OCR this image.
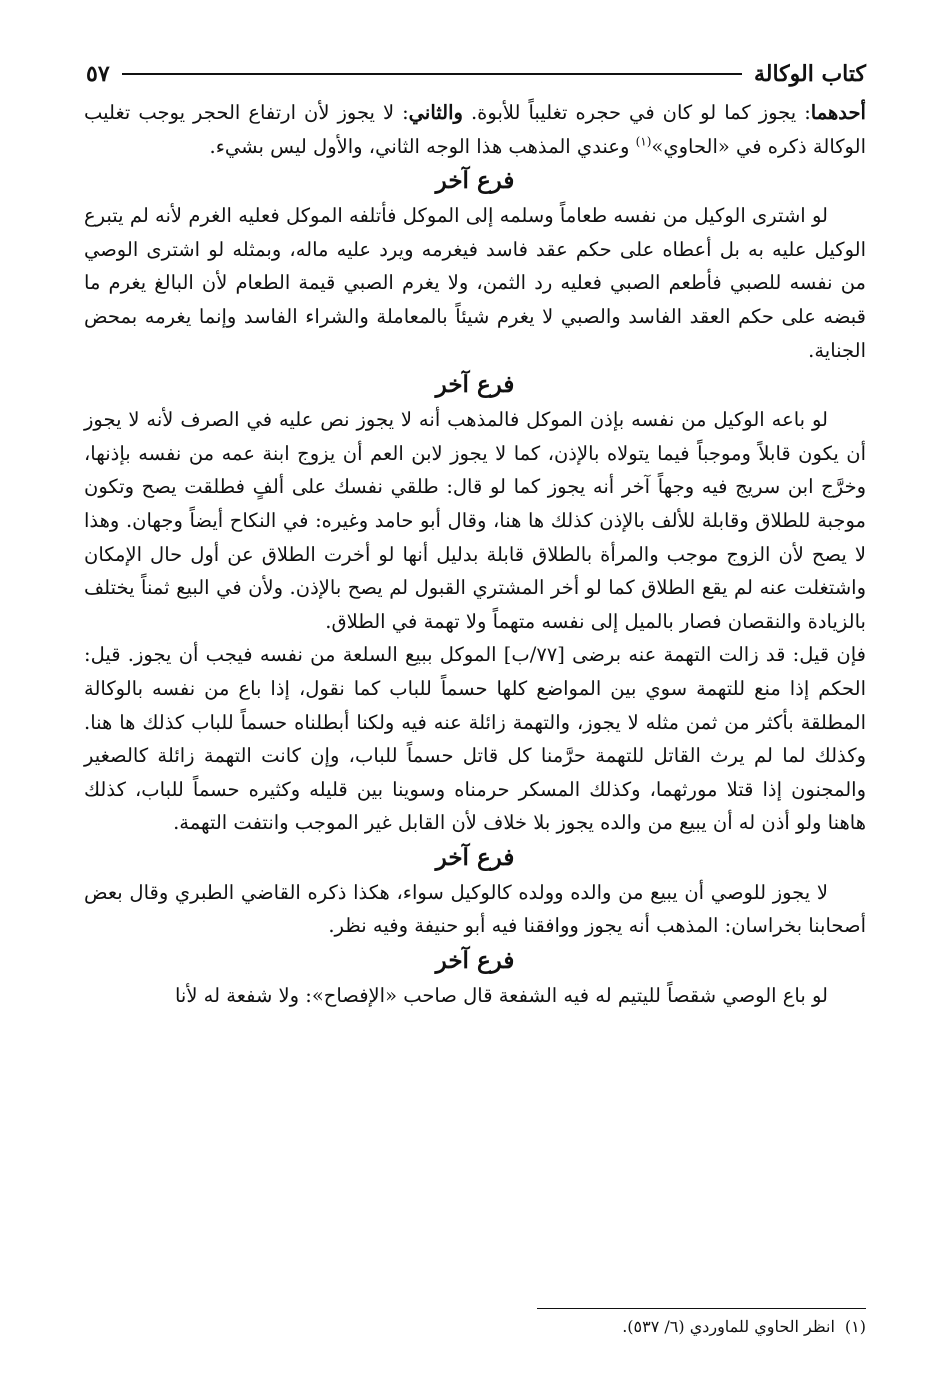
كتاب الوكالة
٥٧

أحدهما: يجوز كما لو كان في حجره تغليباً للأبوة. والثاني: لا يجوز لأن ارتفاع الحجر يوجب تغليب الوكالة ذكره في «الحاوي»$^{(١)}$ وعندي المذهب هذا الوجه الثاني، والأول ليس بشيء.

فرع آخر

لو اشترى الوكيل من نفسه طعاماً وسلمه إلى الموكل فأتلفه الموكل فعليه الغرم لأنه لم يتبرع الوكيل عليه به بل أعطاه على حكم عقد فاسد فيغرمه ويرد عليه ماله، وبمثله لو اشترى الوصي من نفسه للصبي فأطعم الصبي فعليه رد الثمن، ولا يغرم الصبي قيمة الطعام لأن البالغ يغرم ما قبضه على حكم العقد الفاسد والصبي لا يغرم شيئاً بالمعاملة والشراء الفاسد وإنما يغرمه بمحض الجناية.

فرع آخر

لو باعه الوكيل من نفسه بإذن الموكل فالمذهب أنه لا يجوز نص عليه في الصرف لأنه لا يجوز أن يكون قابلاً وموجباً فيما يتولاه بالإذن، كما لا يجوز لابن العم أن يزوج ابنة عمه من نفسه بإذنها، وخرَّج ابن سريج فيه وجهاً آخر أنه يجوز كما لو قال: طلقي نفسك على ألفٍ فطلقت يصح وتكون موجبة للطلاق وقابلة للألف بالإذن كذلك ها هنا، وقال أبو حامد وغيره: في النكاح أيضاً وجهان. وهذا لا يصح لأن الزوج موجب والمرأة بالطلاق قابلة بدليل أنها لو أخرت الطلاق عن أول حال الإمكان واشتغلت عنه لم يقع الطلاق كما لو أخر المشتري القبول لم يصح بالإذن. ولأن في البيع ثمناً يختلف بالزيادة والنقصان فصار بالميل إلى نفسه متهماً ولا تهمة في الطلاق.

فإن قيل: قد زالت التهمة عنه برضى [٧٧/ب] الموكل ببيع السلعة من نفسه فيجب أن يجوز. قيل: الحكم إذا منع للتهمة سوي بين المواضع كلها حسماً للباب كما نقول، إذا باع من نفسه بالوكالة المطلقة بأكثر من ثمن مثله لا يجوز، والتهمة زائلة عنه فيه ولكنا أبطلناه حسماً للباب كذلك ها هنا. وكذلك لما لم يرث القاتل للتهمة حرَّمنا كل قاتل حسماً للباب، وإن كانت التهمة زائلة كالصغير والمجنون إذا قتلا مورثهما، وكذلك المسكر حرمناه وسوينا بين قليله وكثيره حسماً للباب، كذلك هاهنا ولو أذن له أن يبيع من والده يجوز بلا خلاف لأن القابل غير الموجب وانتفت التهمة.

فرع آخر

لا يجوز للوصي أن يبيع من والده وولده كالوكيل سواء، هكذا ذكره القاضي الطبري وقال بعض أصحابنا بخراسان: المذهب أنه يجوز ووافقنا فيه أبو حنيفة وفيه نظر.

فرع آخر

لو باع الوصي شقصاً لليتيم له فيه الشفعة قال صاحب «الإفصاح»: ولا شفعة له لأنا

(١)انظر الحاوي للماوردي (٦/ ٥٣٧).
